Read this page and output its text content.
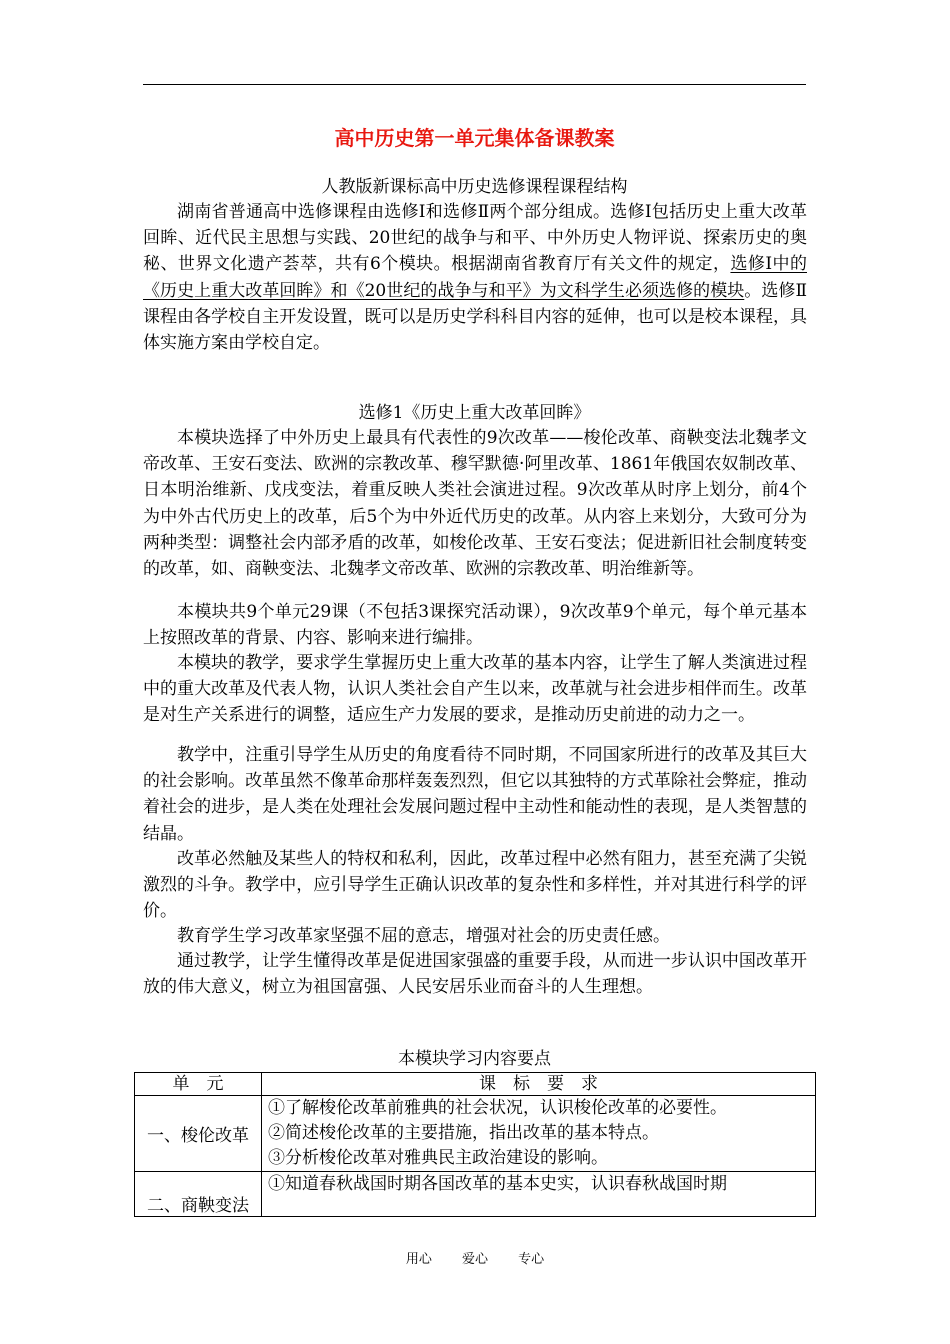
高中历史第一单元集体备课教案
人教版新课标高中历史选修课程课程结构

湖南省普通高中选修课程由选修Ⅰ和选修Ⅱ两个部分组成。选修Ⅰ包括历史上重大改革回眸、近代民主思想与实践、20世纪的战争与和平、中外历史人物评说、探索历史的奥秘、世界文化遗产荟萃，共有6个模块。根据湖南省教育厅有关文件的规定，选修Ⅰ中的《历史上重大改革回眸》和《20世纪的战争与和平》为文科学生必须选修的模块。选修Ⅱ课程由各学校自主开发设置，既可以是历史学科科目内容的延伸，也可以是校本课程，具体实施方案由学校自定。

选修1《历史上重大改革回眸》

本模块选择了中外历史上最具有代表性的9次改革——梭伦改革、商鞅变法北魏孝文帝改革、王安石变法、欧洲的宗教改革、穆罕默德·阿里改革、1861年俄国农奴制改革、日本明治维新、戊戌变法，着重反映人类社会演进过程。9次改革从时序上划分，前4个为中外古代历史上的改革，后5个为中外近代历史的改革。从内容上来划分，大致可分为两种类型：调整社会内部矛盾的改革，如梭伦改革、王安石变法；促进新旧社会制度转变的改革，如、商鞅变法、北魏孝文帝改革、欧洲的宗教改革、明治维新等。

本模块共9个单元29课（不包括3课探究活动课），9次改革9个单元，每个单元基本上按照改革的背景、内容、影响来进行编排。

本模块的教学，要求学生掌握历史上重大改革的基本内容，让学生了解人类演进过程中的重大改革及代表人物，认识人类社会自产生以来，改革就与社会进步相伴而生。改革是对生产关系进行的调整，适应生产力发展的要求，是推动历史前进的动力之一。

教学中，注重引导学生从历史的角度看待不同时期，不同国家所进行的改革及其巨大的社会影响。改革虽然不像革命那样轰轰烈烈，但它以其独特的方式革除社会弊症，推动着社会的进步，是人类在处理社会发展问题过程中主动性和能动性的表现，是人类智慧的结晶。

改革必然触及某些人的特权和私利，因此，改革过程中必然有阻力，甚至充满了尖锐激烈的斗争。教学中，应引导学生正确认识改革的复杂性和多样性，并对其进行科学的评价。

教育学生学习改革家坚强不屈的意志，增强对社会的历史责任感。

通过教学，让学生懂得改革是促进国家强盛的重要手段，从而进一步认识中国改革开放的伟大意义，树立为祖国富强、人民安居乐业而奋斗的人生理想。

本模块学习内容要点
单　元	课　标　要　求
一、梭伦改革	①了解梭伦改革前雅典的社会状况，认识梭伦改革的必要性。
②简述梭伦改革的主要措施，指出改革的基本特点。
③分析梭伦改革对雅典民主政治建设的影响。

二、商鞅变法	①知道春秋战国时期各国改革的基本史实，认识春秋战国时期
用心 爱心 专心
